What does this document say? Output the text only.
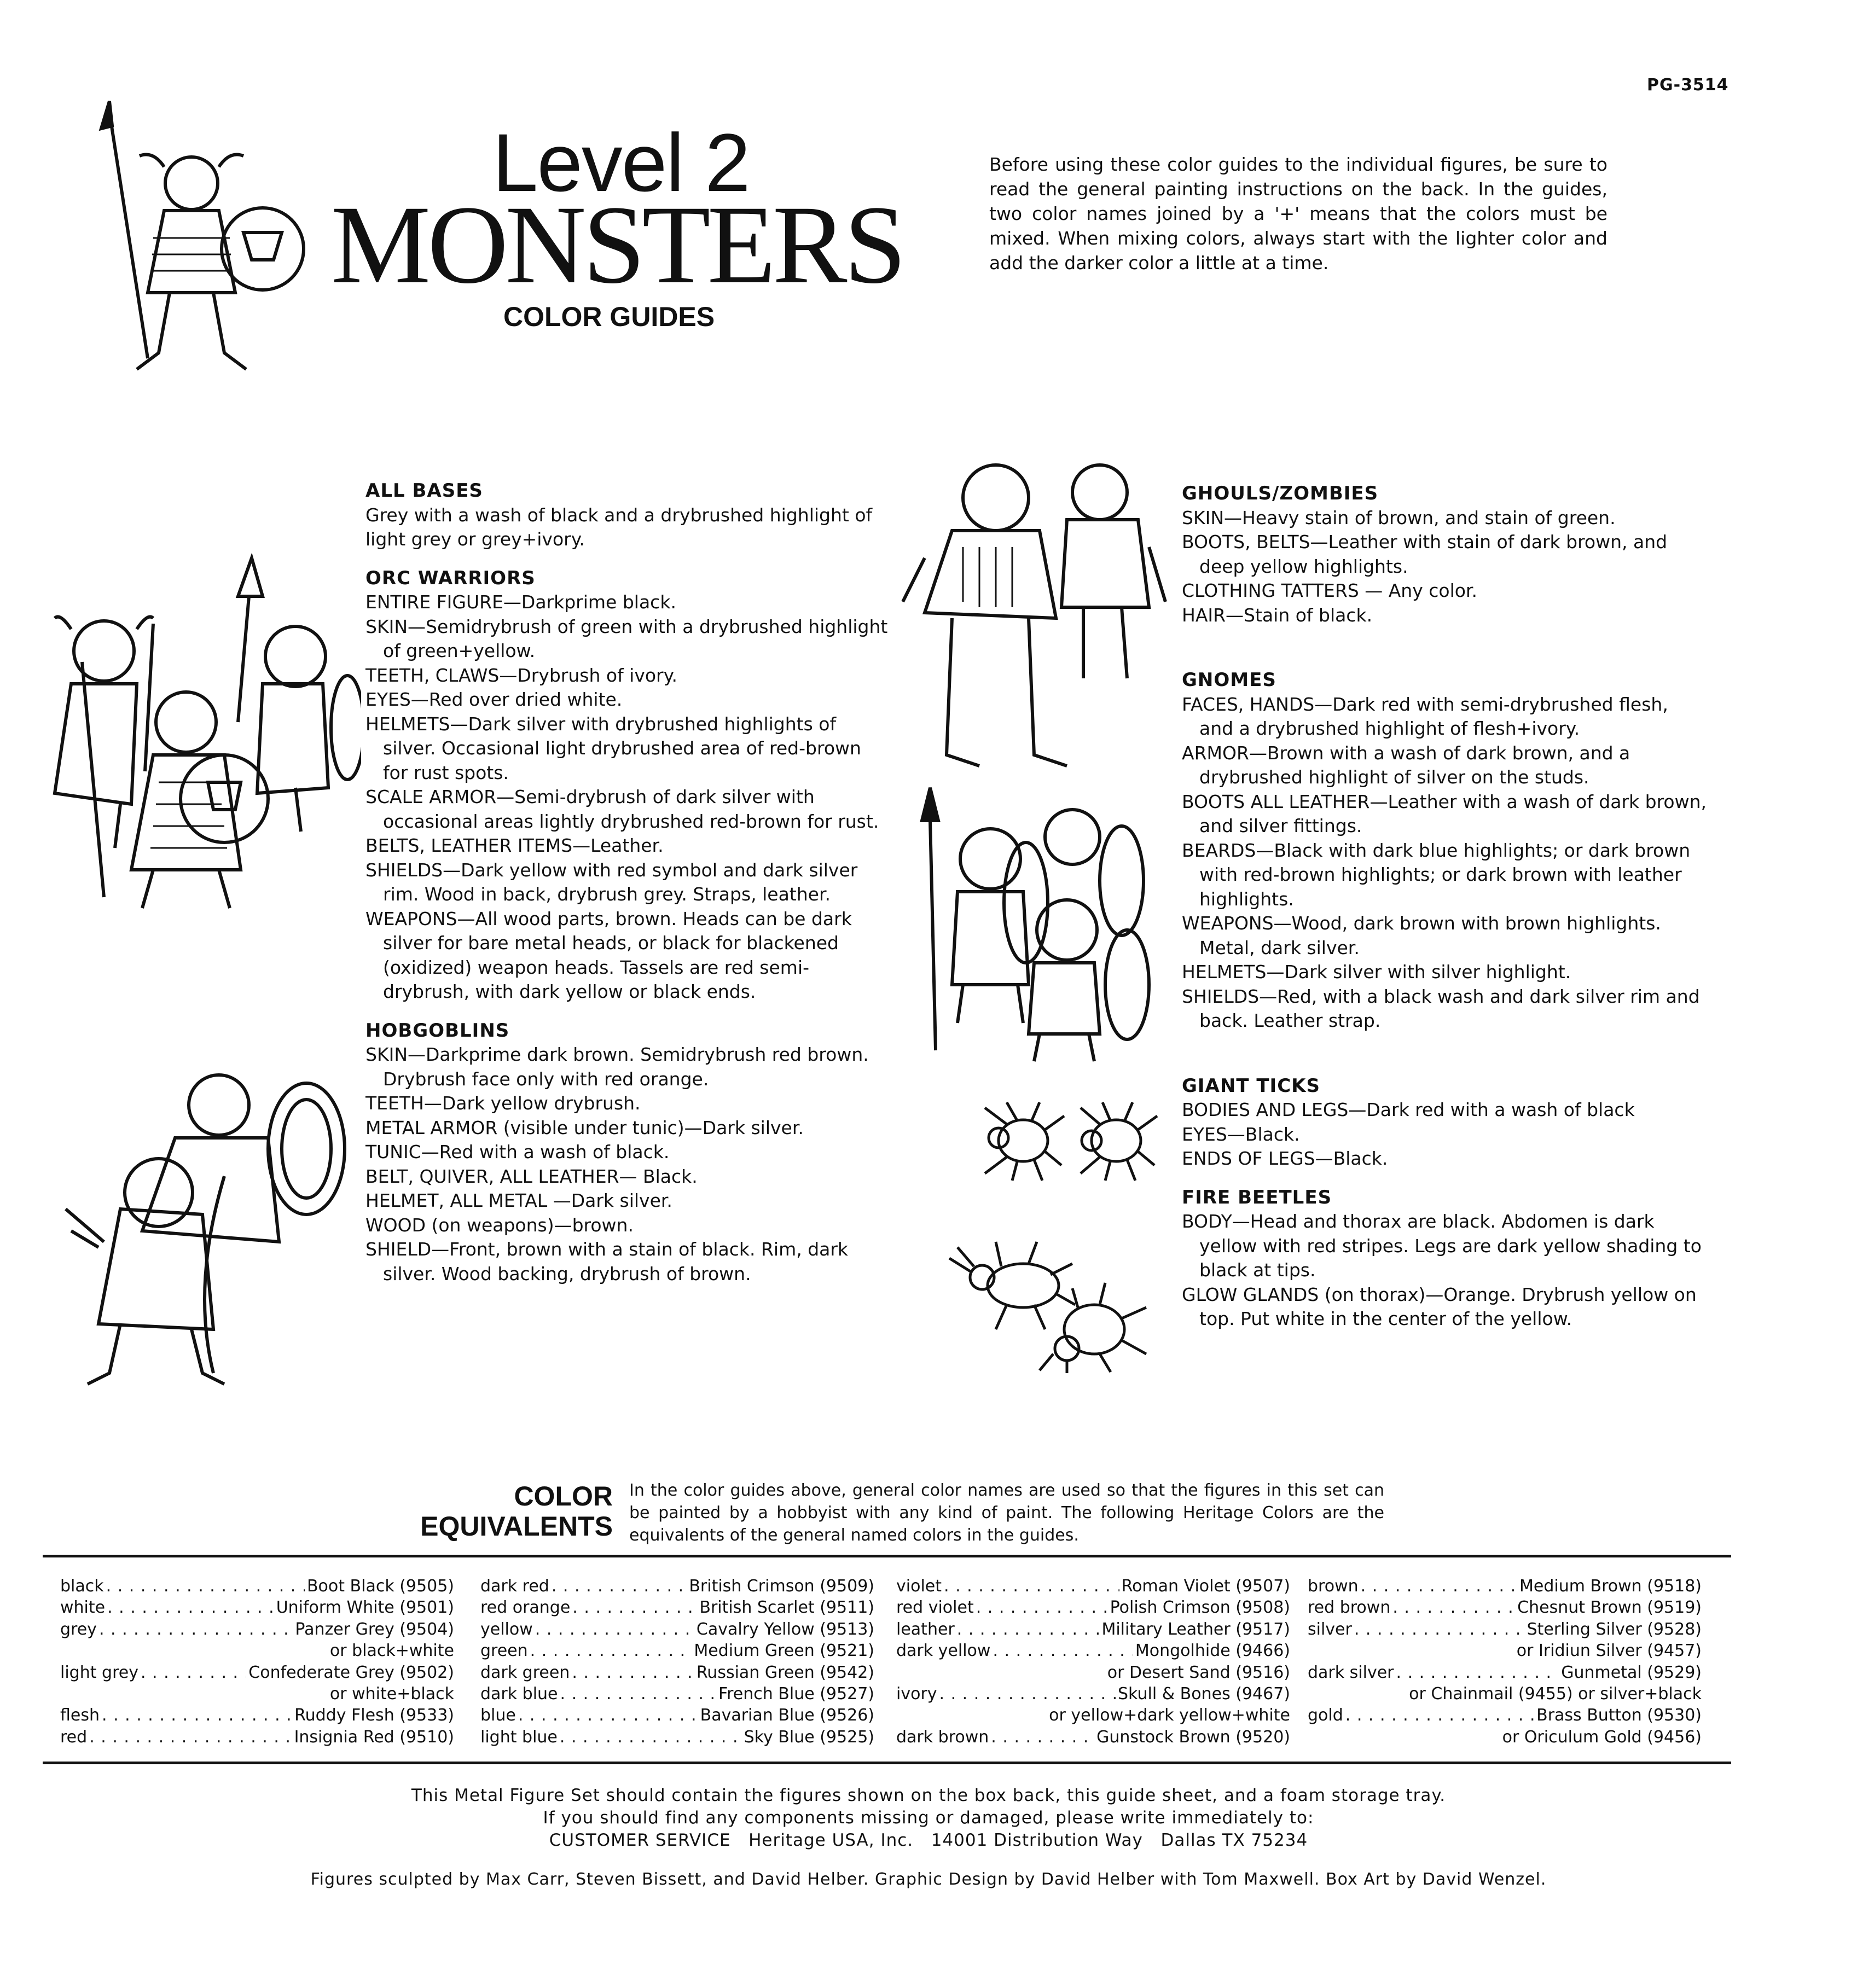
PG-3514
Level 2
MONSTERS
COLOR GUIDES
Before using these color guides to the individual figures, be sure to read the general painting instructions on the back. In the guides, two color names joined by a '+' means that the colors must be mixed. When mixing colors, always start with the lighter color and add the darker color a little at a time.
ALL BASES

Grey with a wash of black and a drybrushed highlight of light grey or grey+ivory.

ORC WARRIORS

ENTIRE FIGURE—Darkprime black.

SKIN—Semidrybrush of green with a drybrushed highlight of green+yellow.

TEETH, CLAWS—Drybrush of ivory.

EYES—Red over dried white.

HELMETS—Dark silver with drybrushed highlights of silver. Occasional light drybrushed area of red-brown for rust spots.

SCALE ARMOR—Semi-drybrush of dark silver with occasional areas lightly drybrushed red-brown for rust.

BELTS, LEATHER ITEMS—Leather.

SHIELDS—Dark yellow with red symbol and dark silver rim. Wood in back, drybrush grey. Straps, leather.

WEAPONS—All wood parts, brown. Heads can be dark silver for bare metal heads, or black for blackened (oxidized) weapon heads. Tassels are red semi-drybrush, with dark yellow or black ends.

HOBGOBLINS

SKIN—Darkprime dark brown. Semidrybrush red brown. Drybrush face only with red orange.

TEETH—Dark yellow drybrush.

METAL ARMOR (visible under tunic)—Dark silver.

TUNIC—Red with a wash of black.

BELT, QUIVER, ALL LEATHER— Black.

HELMET, ALL METAL —Dark silver.

WOOD (on weapons)—brown.

SHIELD—Front, brown with a stain of black. Rim, dark silver. Wood backing, drybrush of brown.

GHOULS/ZOMBIES

SKIN—Heavy stain of brown, and stain of green.

BOOTS, BELTS—Leather with stain of dark brown, and deep yellow highlights.

CLOTHING TATTERS — Any color.

HAIR—Stain of black.

GNOMES

FACES, HANDS—Dark red with semi-drybrushed flesh, and a drybrushed highlight of flesh+ivory.

ARMOR—Brown with a wash of dark brown, and a drybrushed highlight of silver on the studs.

BOOTS ALL LEATHER—Leather with a wash of dark brown, and silver fittings.

BEARDS—Black with dark blue highlights; or dark brown with red-brown highlights; or dark brown with leather highlights.

WEAPONS—Wood, dark brown with brown highlights. Metal, dark silver.

HELMETS—Dark silver with silver highlight.

SHIELDS—Red, with a black wash and dark silver rim and back. Leather strap.

GIANT TICKS

BODIES AND LEGS—Dark red with a wash of black

EYES—Black.

ENDS OF LEGS—Black.

FIRE BEETLES

BODY—Head and thorax are black. Abdomen is dark yellow with red stripes. Legs are dark yellow shading to black at tips.

GLOW GLANDS (on thorax)—Orange. Drybrush yellow on top. Put white in the center of the yellow.

COLOR
EQUIVALENTS
In the color guides above, general color names are used so that the figures in this set can be painted by a hobbyist with any kind of paint. The following Heritage Colors are the equivalents of the general named colors in the guides.
black . . .	Boot Black (9505)
white . . .	Uniform White (9501)
grey . . .	Panzer Grey (9504)
or black+white
light grey . . .	Confederate Grey (9502)
or white+black
flesh . . .	Ruddy Flesh (9533)
red . . .	Insignia Red (9510)
dark red . . .	British Crimson (9509)
red orange . . .	British Scarlet (9511)
yellow . . .	Cavalry Yellow (9513)
green . . .	Medium Green (9521)
dark green . . .	Russian Green (9542)
dark blue . . .	French Blue (9527)
blue . . .	Bavarian Blue (9526)
light blue . . .	Sky Blue (9525)
violet . . .	Roman Violet (9507)
red violet . . .	Polish Crimson (9508)
leather . . .	Military Leather (9517)
dark yellow . . .	Mongolhide (9466)
or Desert Sand (9516)
ivory . . .	Skull & Bones (9467)
or yellow+dark yellow+white
dark brown . . .	Gunstock Brown (9520)
brown . . .	Medium Brown (9518)
red brown . . .	Chesnut Brown (9519)
silver . . .	Sterling Silver (9528)
or Iridiun Silver (9457)
dark silver . . .	Gunmetal (9529)
or Chainmail (9455) or silver+black
gold . . .	Brass Button (9530)
or Oriculum Gold (9456)
This Metal Figure Set should contain the figures shown on the box back, this guide sheet, and a foam storage tray.
If you should find any components missing or damaged, please write immediately to:
CUSTOMER SERVICE   Heritage USA, Inc.   14001 Distribution Way   Dallas TX 75234
Figures sculpted by Max Carr, Steven Bissett, and David Helber. Graphic Design by David Helber with Tom Maxwell. Box Art by David Wenzel.
